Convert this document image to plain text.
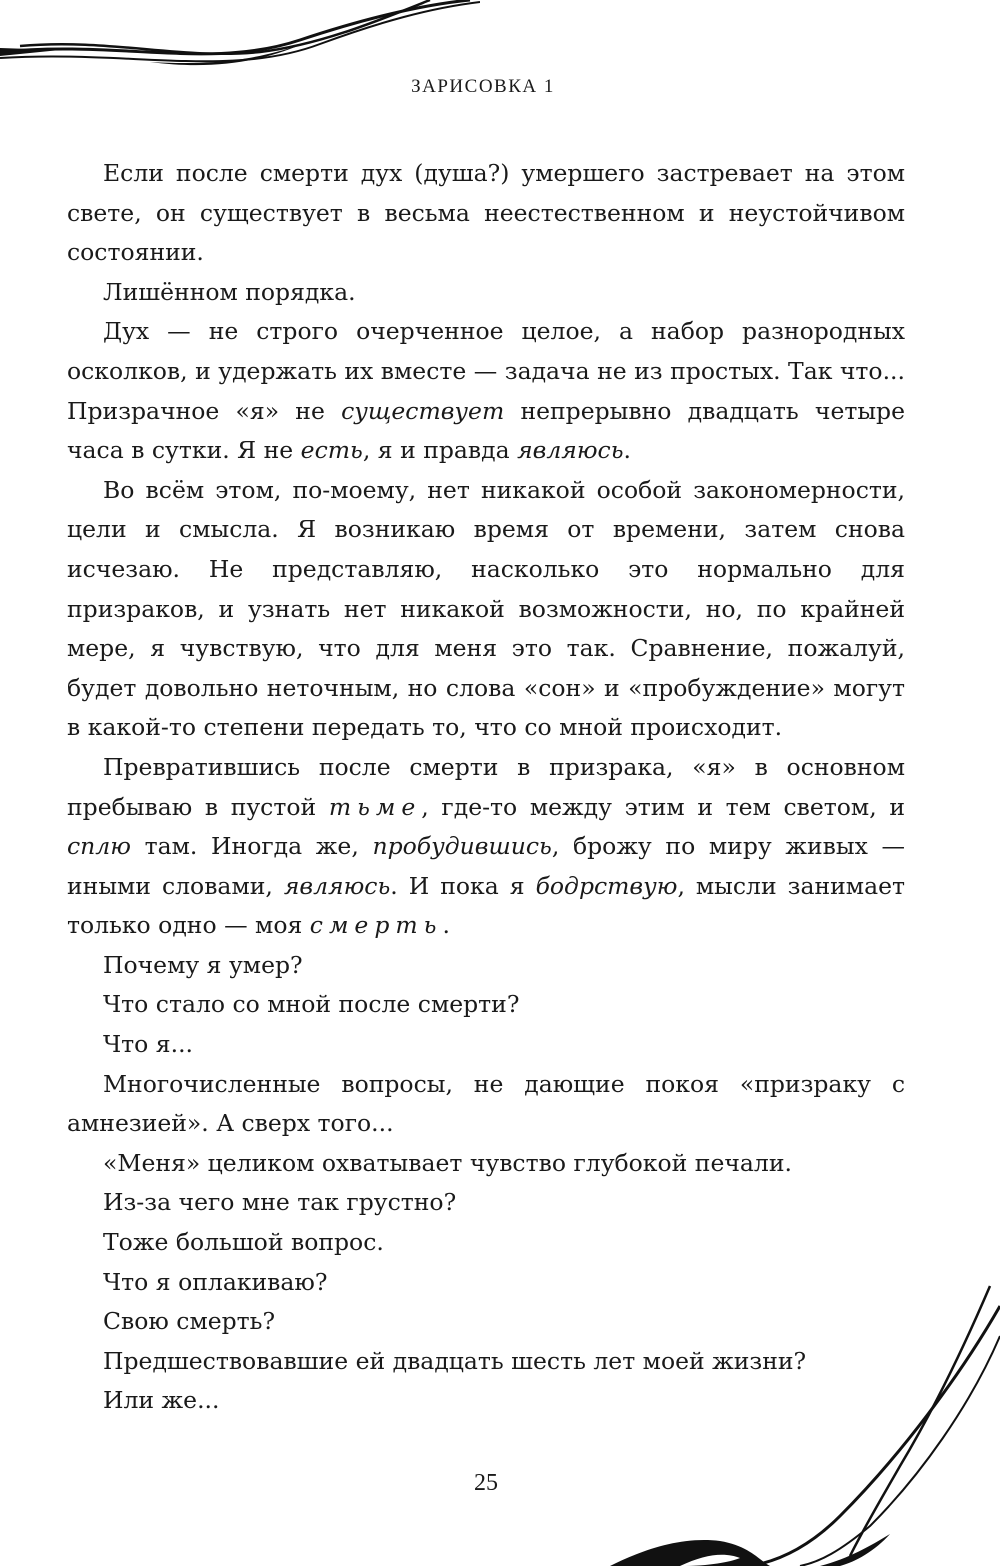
ЗАРИСОВКА 1

Если после смерти дух (душа?) умершего застревает на этом свете, он существует в весьма неестественном и неустойчивом состоянии.

Лишённом порядка.

Дух — не строго очерченное целое, а набор разнородных осколков, и удержать их вместе — задача не из простых. Так что... Призрачное «я» не существует непрерывно двадцать четыре часа в сутки. Я не есть, я и правда являюсь.

Во всём этом, по-моему, нет никакой особой закономерности, цели и смысла. Я возникаю время от времени, затем снова исчезаю. Не представляю, насколько это нормально для призраков, и узнать нет никакой возможности, но, по крайней мере, я чувствую, что для меня это так. Сравнение, пожалуй, будет довольно неточным, но слова «сон» и «пробуждение» могут в какой-то степени передать то, что со мной происходит.

Превратившись после смерти в призрака, «я» в основном пребываю в пустой тьме, где-то между этим и тем светом, и сплю там. Иногда же, пробудившись, брожу по миру живых — иными словами, являюсь. И пока я бодрствую, мысли занимает только одно — моя смерть.

Почему я умер?

Что стало со мной после смерти?

Что я...

Многочисленные вопросы, не дающие покоя «призраку с амнезией». А сверх того...

«Меня» целиком охватывает чувство глубокой печали.

Из-за чего мне так грустно?

Тоже большой вопрос.

Что я оплакиваю?

Свою смерть?

Предшествовавшие ей двадцать шесть лет моей жизни?

Или же...

25
